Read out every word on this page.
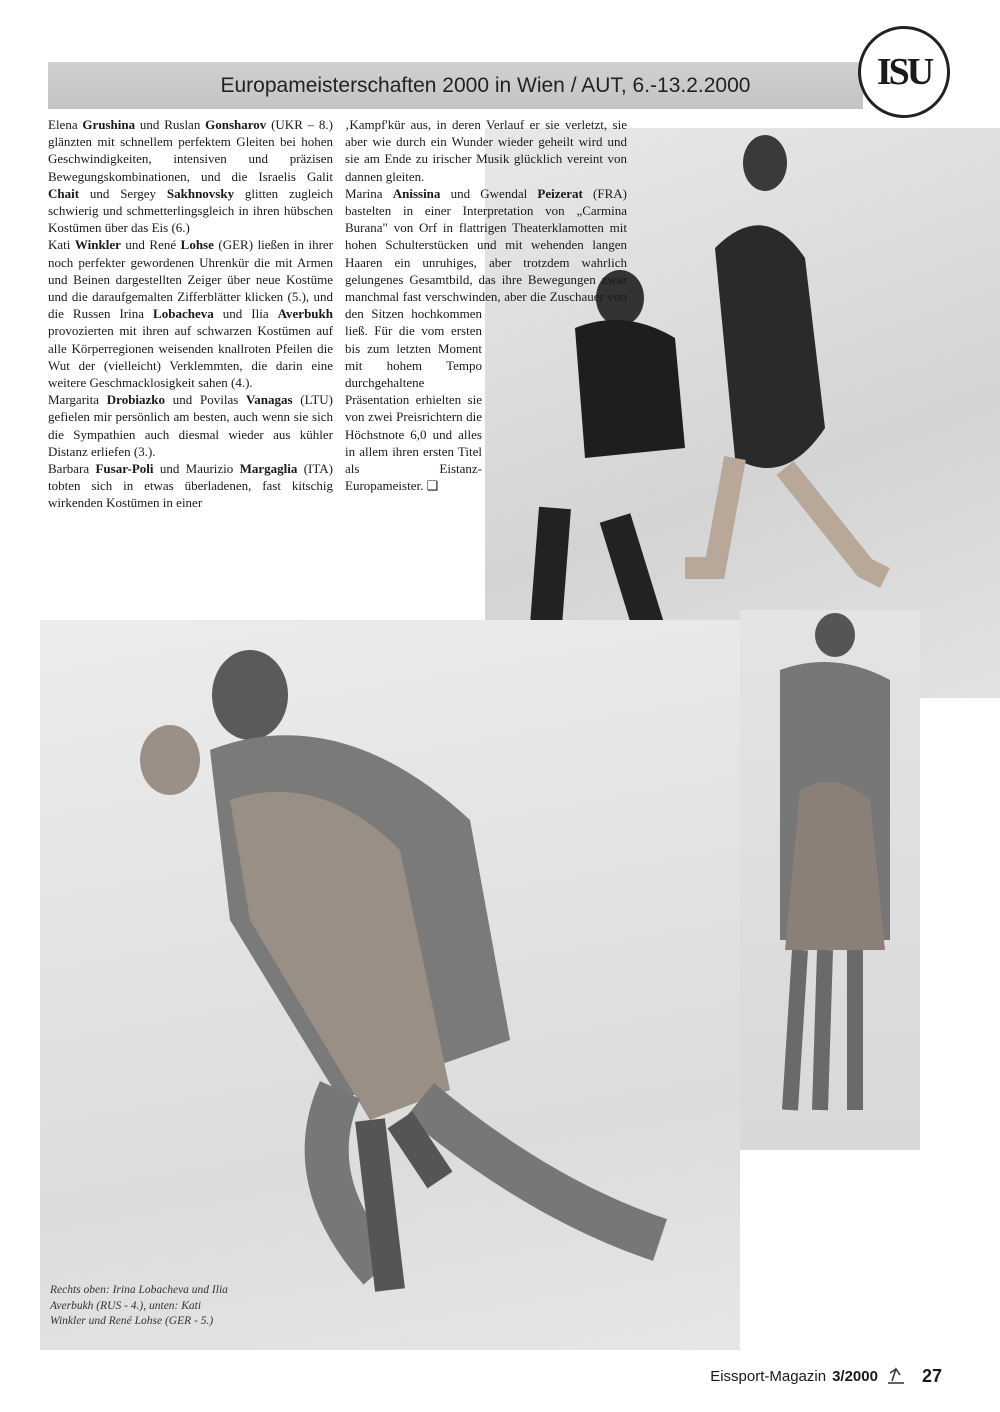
Europameisterschaften 2000 in Wien / AUT, 6.-13.2.2000	ISU

Elena Grushina und Ruslan Gonsharov (UKR – 8.) glänzten mit schnellem perfektem Gleiten bei hohen Geschwindigkeiten, intensiven und präzisen Bewegungskombinationen, und die Israelis Galit Chait und Sergey Sakhnovsky glitten zugleich schwierig und schmetterlingsgleich in ihren hübschen Kostümen über das Eis (6.)

Kati Winkler und René Lohse (GER) ließen in ihrer noch perfekter gewordenen Uhrenkür die mit Armen und Beinen dargestellten Zeiger über neue Kostüme und die daraufgemalten Zifferblätter klicken (5.), und die Russen Irina Lobacheva und Ilia Averbukh provozierten mit ihren auf schwarzen Kostümen auf alle Körperregionen weisenden knallroten Pfeilen die Wut der (vielleicht) Verklemmten, die darin eine weitere Geschmacklosigkeit sahen (4.).

Margarita Drobiazko und Povilas Vanagas (LTU) gefielen mir persönlich am besten, auch wenn sie sich die Sympathien auch diesmal wieder aus kühler Distanz erliefen (3.).

Barbara Fusar-Poli und Maurizio Margaglia (ITA) tobten sich in etwas überladenen, fast kitschig wirkenden Kostümen in einer

‚Kampf'kür aus, in deren Verlauf er sie verletzt, sie aber wie durch ein Wunder wieder geheilt wird und sie am Ende zu irischer Musik glücklich vereint von dannen gleiten.

Marina Anissina und Gwendal Peizerat (FRA) bastelten in einer Interpretation von „Carmina Burana" von Orf in flattrigen Theaterklamotten mit hohen Schulterstücken und mit wehenden langen Haaren ein unruhiges, aber trotzdem wahrlich gelungenes Gesamtbild, das ihre Bewegungen zwar manchmal fast verschwinden, aber die Zuschauer von den Sitzen hochkommen ließ. Für die vom ersten bis zum letzten Moment mit hohem Tempo durchgehaltene Präsentation erhielten sie von zwei Preisrichtern die Höchstnote 6,0 und alles in allem ihren ersten Titel als Eistanz-Europameister. ❑

Rechts oben: Irina Lobacheva und Ilia Averbukh (RUS - 4.), unten: Kati Winkler und René Lohse (GER - 5.)
Eissport-Magazin 3/2000 27
